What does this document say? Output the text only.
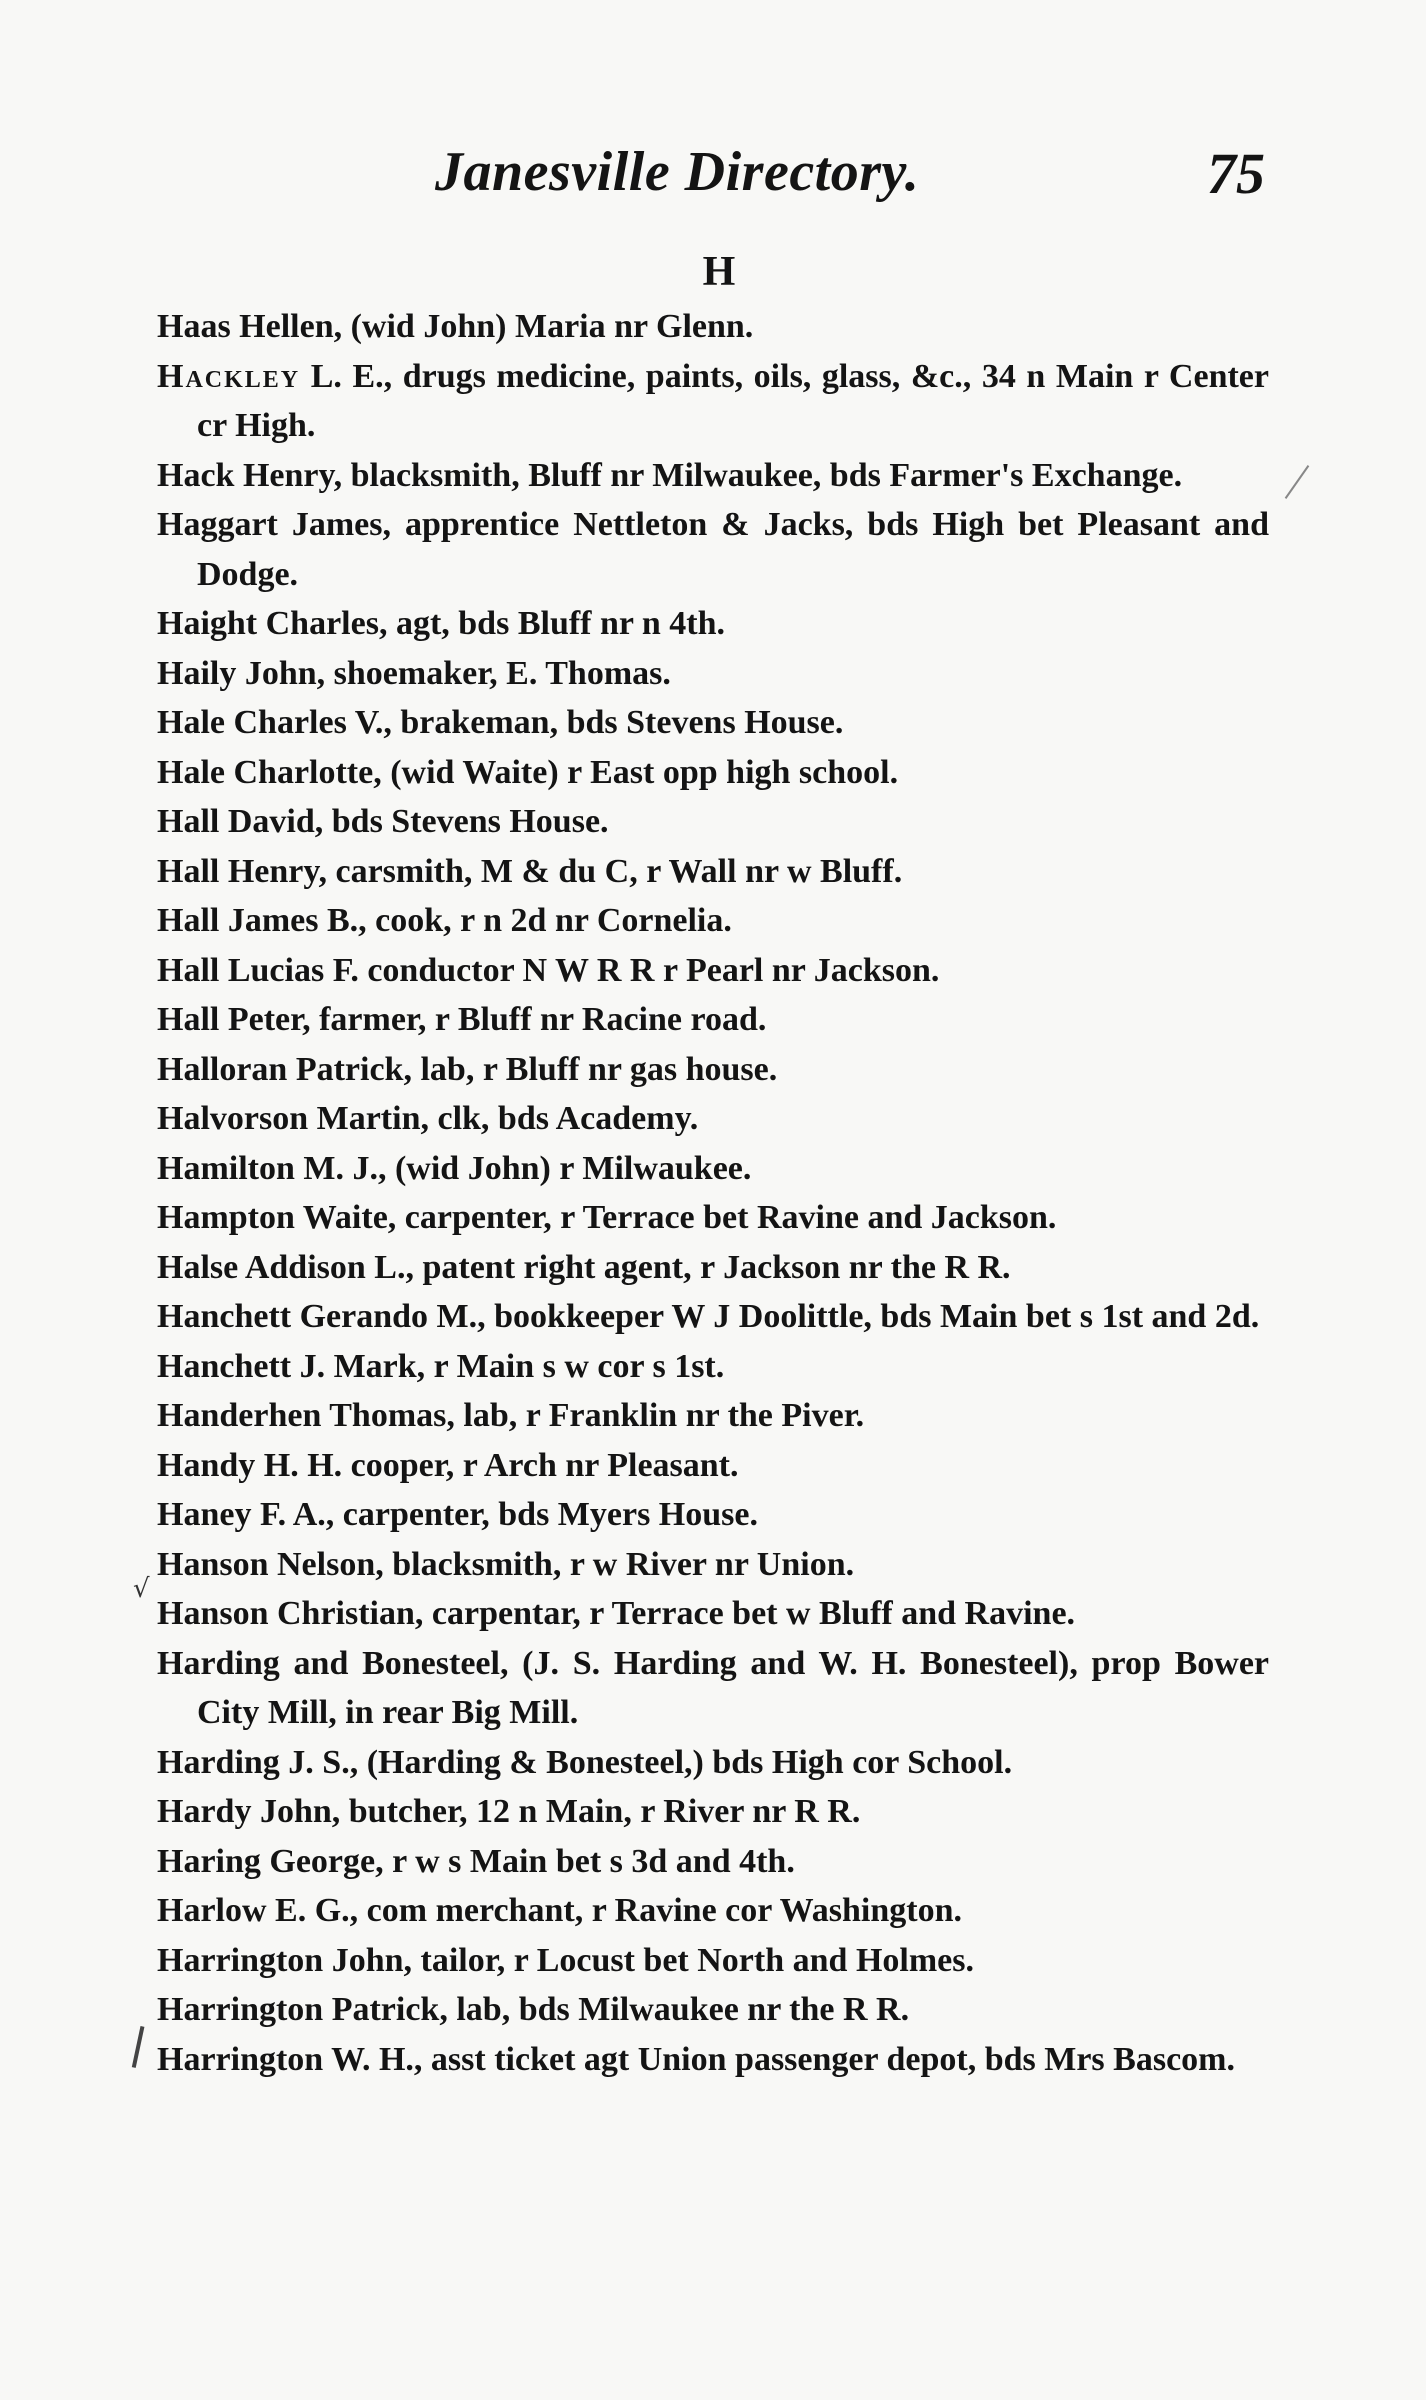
Janesville Directory.	75
H
Haas Hellen, (wid John) Maria nr Glenn.
Hackley L. E., drugs medicine, paints, oils, glass, &c., 34 n Main r Center cr High.
Hack Henry, blacksmith, Bluff nr Milwaukee, bds Farmer's Exchange.
Haggart James, apprentice Nettleton & Jacks, bds High bet Pleasant and Dodge.
Haight Charles, agt, bds Bluff nr n 4th.
Haily John, shoemaker, E. Thomas.
Hale Charles V., brakeman, bds Stevens House.
Hale Charlotte, (wid Waite) r East opp high school.
Hall David, bds Stevens House.
Hall Henry, carsmith, M & du C, r Wall nr w Bluff.
Hall James B., cook, r n 2d nr Cornelia.
Hall Lucias F. conductor N W R R r Pearl nr Jackson.
Hall Peter, farmer, r Bluff nr Racine road.
Halloran Patrick, lab, r Bluff nr gas house.
Halvorson Martin, clk, bds Academy.
Hamilton M. J., (wid John) r Milwaukee.
Hampton Waite, carpenter, r Terrace bet Ravine and Jackson.
Halse Addison L., patent right agent, r Jackson nr the R R.
Hanchett Gerando M., bookkeeper W J Doolittle, bds Main bet s 1st and 2d.
Hanchett J. Mark, r Main s w cor s 1st.
Handerhen Thomas, lab, r Franklin nr the Piver.
Handy H. H. cooper, r Arch nr Pleasant.
Haney F. A., carpenter, bds Myers House.
Hanson Nelson, blacksmith, r w River nr Union.
Hanson Christian, carpentar, r Terrace bet w Bluff and Ravine.
Harding and Bonesteel, (J. S. Harding and W. H. Bonesteel), prop Bower City Mill, in rear Big Mill.
Harding J. S., (Harding & Bonesteel,) bds High cor School.
Hardy John, butcher, 12 n Main, r River nr R R.
Haring George, r w s Main bet s 3d and 4th.
Harlow E. G., com merchant, r Ravine cor Washington.
Harrington John, tailor, r Locust bet North and Holmes.
Harrington Patrick, lab, bds Milwaukee nr the R R.
Harrington W. H., asst ticket agt Union passenger depot, bds Mrs Bascom.
√
